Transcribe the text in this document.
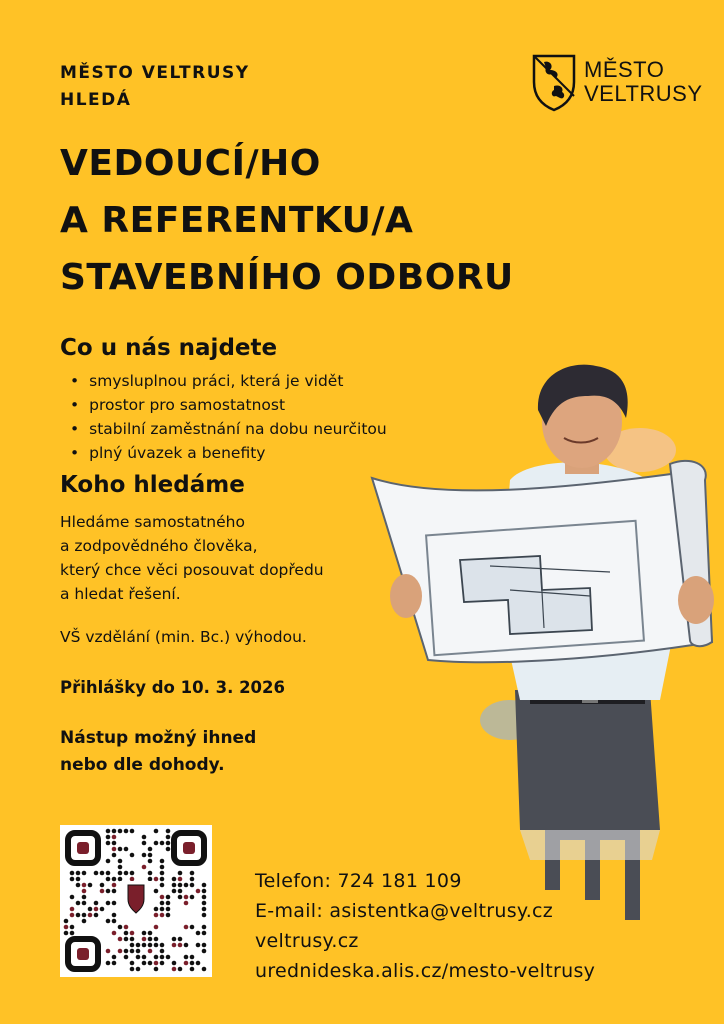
MĚSTO VELTRUSY
HLEDÁ
MĚSTO
VELTRUSY
VEDOUCÍ/HO
A REFERENTKU/A
STAVEBNÍHO ODBORU
Co u nás najdete
• smysluplnou práci, která je vidět
• prostor pro samostatnost
• stabilní zaměstnání na dobu neurčitou
• plný úvazek a benefity
Koho hledáme
Hledáme samostatného
a zodpovědného člověka,
který chce věci posouvat dopředu
a hledat řešení.
VŠ vzdělání (min. Bc.) výhodou.
Přihlášky do 10. 3. 2026
Nástup možný ihned
nebo dle dohody.
Telefon: 724 181 109
E-mail: asistentka@veltrusy.cz
veltrusy.cz
urednideska.alis.cz/mesto-veltrusy
